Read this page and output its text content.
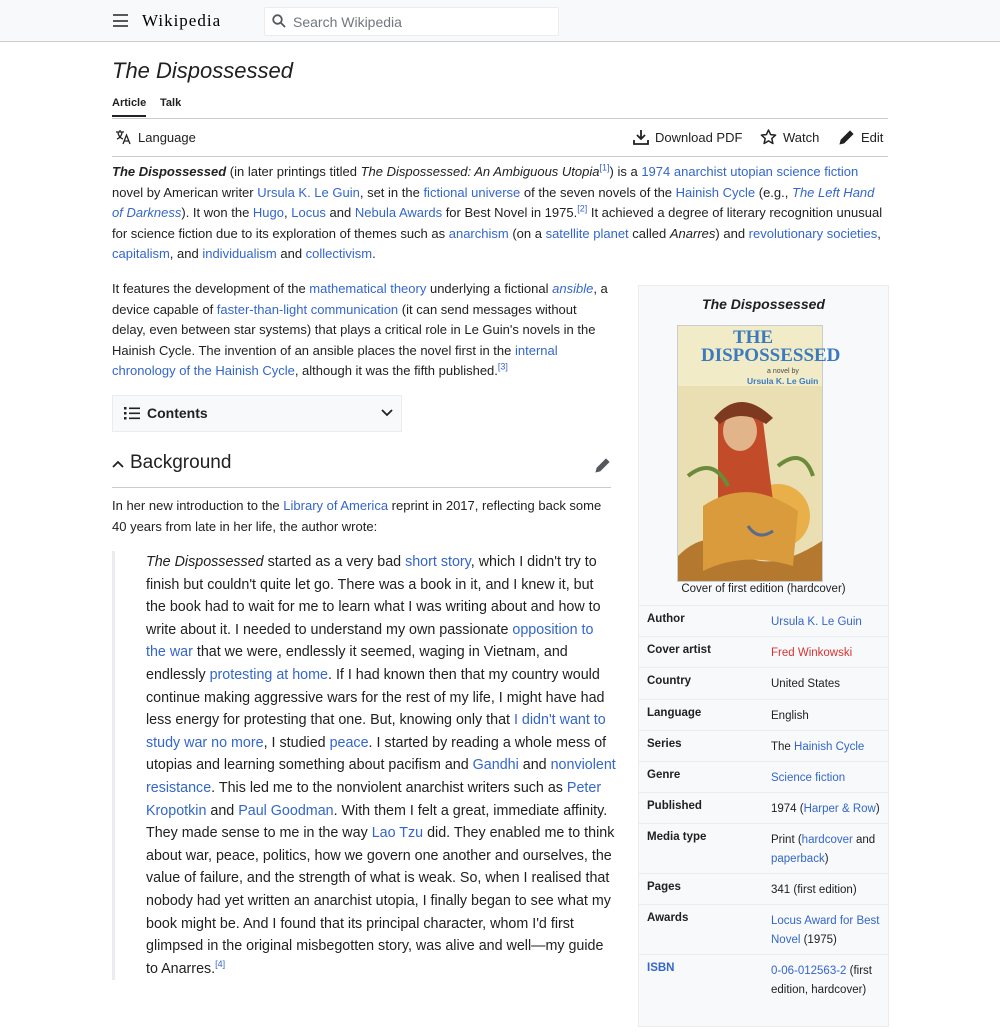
Wikipedia
Search Wikipedia
The Dispossessed
Article Talk
Language	Download PDF	Watch	Edit

The Dispossessed (in later printings titled The Dispossessed: An Ambiguous Utopia[1]) is a 1974 anarchist utopian science fiction novel by American writer Ursula K. Le Guin, set in the fictional universe of the seven novels of the Hainish Cycle (e.g., The Left Hand of Darkness). It won the Hugo, Locus and Nebula Awards for Best Novel in 1975.[2] It achieved a degree of literary recognition unusual for science fiction due to its exploration of themes such as anarchism (on a satellite planet called Anarres) and revolutionary societies, capitalism, and individualism and collectivism.

It features the development of the mathematical theory underlying a fictional ansible, a device capable of faster-than-light communication (it can send messages without delay, even between star systems) that plays a critical role in Le Guin's novels in the Hainish Cycle. The invention of an ansible places the novel first in the internal chronology of the Hainish Cycle, although it was the fifth published.[3]

Contents
Background

In her new introduction to the Library of America reprint in 2017, reflecting back some 40 years from late in her life, the author wrote:

The Dispossessed started as a very bad short story, which I didn't try to finish but couldn't quite let go. There was a book in it, and I knew it, but the book had to wait for me to learn what I was writing about and how to write about it. I needed to understand my own passionate opposition to the war that we were, endlessly it seemed, waging in Vietnam, and endlessly protesting at home. If I had known then that my country would continue making aggressive wars for the rest of my life, I might have had less energy for protesting that one. But, knowing only that I didn't want to study war no more, I studied peace. I started by reading a whole mess of utopias and learning something about pacifism and Gandhi and nonviolent resistance. This led me to the nonviolent anarchist writers such as Peter Kropotkin and Paul Goodman. With them I felt a great, immediate affinity. They made sense to me in the way Lao Tzu did. They enabled me to think about war, peace, politics, how we govern one another and ourselves, the value of failure, and the strength of what is weak. So, when I realised that nobody had yet written an anarchist utopia, I finally began to see what my book might be. And I found that its principal character, whom I'd first glimpsed in the original misbegotten story, was alive and well—my guide to Anarres.[4]
The Dispossessed
THE DISPOSSESSED
a novel by
Ursula K. Le Guin
Cover of first edition (hardcover)
Author	Ursula K. Le Guin
Cover artist	Fred Winkowski
Country	United States
Language	English
Series	The Hainish Cycle
Genre	Science fiction
Published	1974 (Harper & Row)
Media type	Print (hardcover and paperback)
Pages	341 (first edition)
Awards	Locus Award for Best Novel (1975)
ISBN	0-06-012563-2 (first edition, hardcover)
